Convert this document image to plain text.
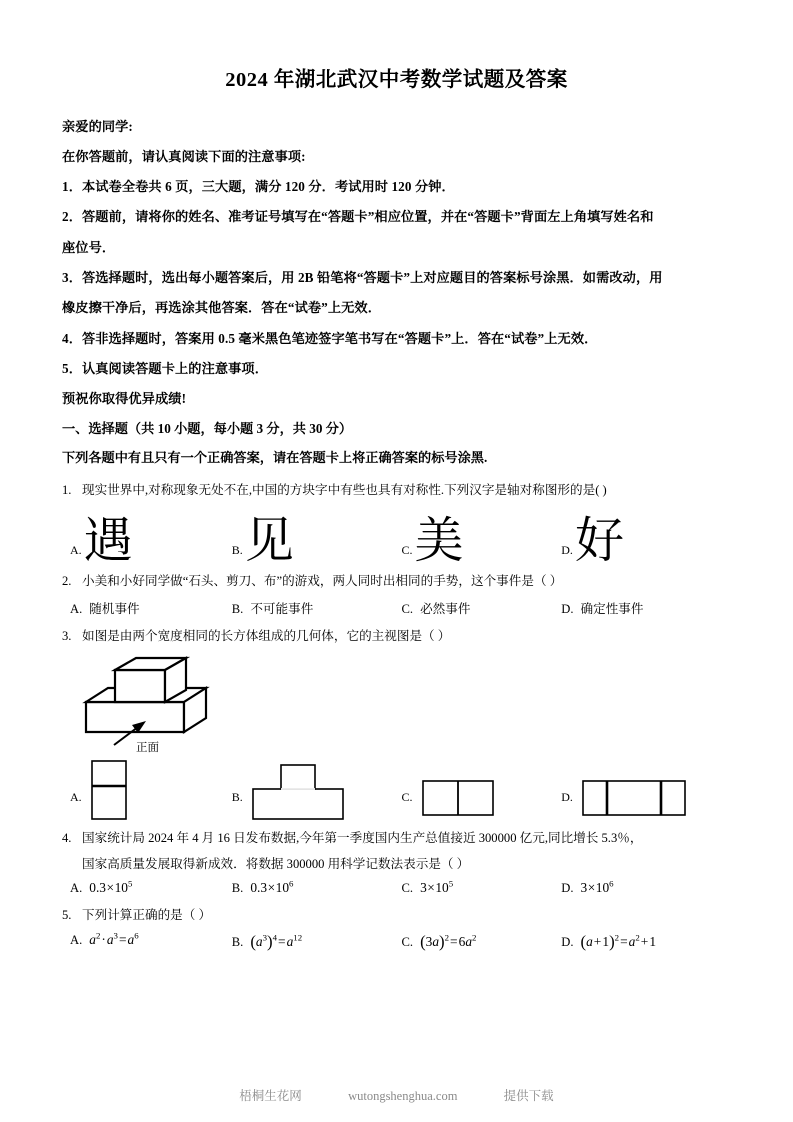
2024 年湖北武汉中考数学试题及答案

亲爱的同学:

在你答题前，请认真阅读下面的注意事项:

1．本试卷全卷共 6 页，三大题，满分 120 分．考试用时 120 分钟．

2．答题前，请将你的姓名、准考证号填写在“答题卡”相应位置，并在“答题卡”背面左上角填写姓名和

座位号．

3．答选择题时，选出每小题答案后，用 2B 铅笔将“答题卡”上对应题目的答案标号涂黑．如需改动，用

橡皮擦干净后，再选涂其他答案．答在“试卷”上无效．

4．答非选择题时，答案用 0.5 毫米黑色笔迹签字笔书写在“答题卡”上．答在“试卷”上无效．

5．认真阅读答题卡上的注意事项．

预祝你取得优异成绩!

一、选择题（共 10 小题，每小题 3 分，共 30 分）
下列各题中有且只有一个正确答案，请在答题卡上将正确答案的标号涂黑.
1. 现实世界中,对称现象无处不在,中国的方块字中有些也具有对称性.下列汉字是轴对称图形的是( )
A. 遇	B. 见	C. 美	D. 好
2. 小美和小好同学做“石头、剪刀、布”的游戏，两人同时出相同的手势，这个事件是（ ）
A. 随机事件	B. 不可能事件	C. 必然事件	D. 确定性事件
3. 如图是由两个宽度相同的长方体组成的几何体，它的主视图是（ ）
正面
A.	B.	C.	D.
4. 国家统计局 2024 年 4 月 16 日发布数据,今年第一季度国内生产总值接近 300000 亿元,同比增长 5.3％，
国家高质量发展取得新成效．将数据 300000 用科学记数法表示是（ ）
A. $0.3\times 10^5$	B. $0.3\times 10^6$	C. $3\times 10^5$	D. $3\times 10^6$
5. 下列计算正确的是（ ）
A. $a^2\cdot a^3=a^6$	B. $(a^3)^4=a^{12}$	C. $(3a)^2=6a^2$	D. $(a+1)^2=a^2+1$
梧桐生花网	wutongshenghua.com	提供下载
